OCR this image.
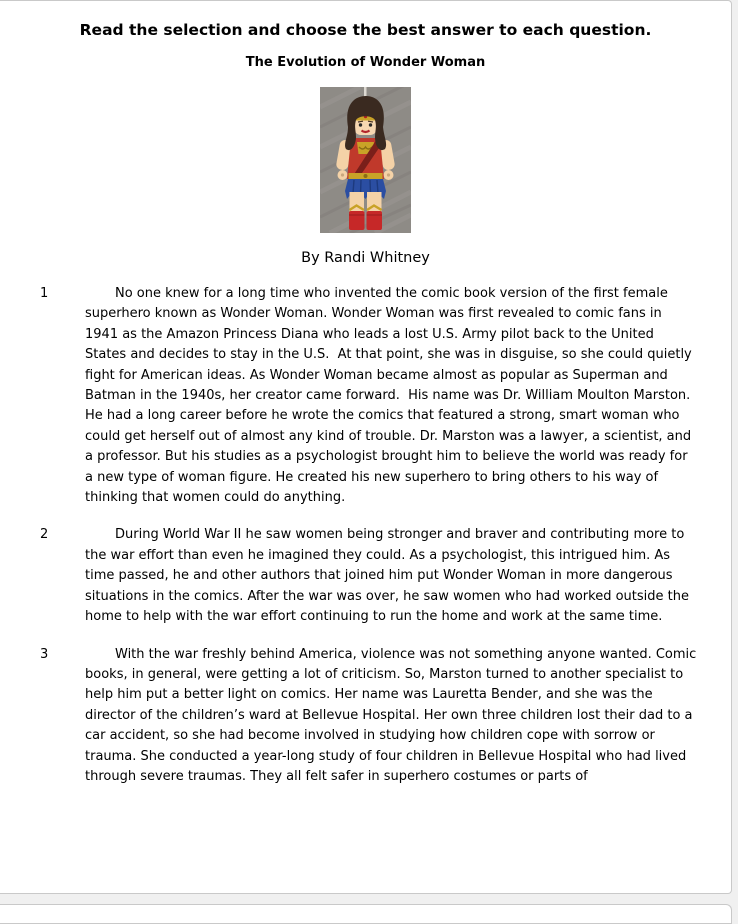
Read the selection and choose the best answer to each question.
The Evolution of Wonder Woman
By Randi Whitney
1	No one knew for a long time who invented the comic book version of the first female superhero known as Wonder Woman. Wonder Woman was first revealed to comic fans in 1941 as the Amazon Princess Diana who leads a lost U.S. Army pilot back to the United States and decides to stay in the U.S.  At that point, she was in disguise, so she could quietly fight for American ideas. As Wonder Woman became almost as popular as Superman and Batman in the 1940s, her creator came forward.  His name was Dr. William Moulton Marston. He had a long career before he wrote the comics that featured a strong, smart woman who could get herself out of almost any kind of trouble. Dr. Marston was a lawyer, a scientist, and a professor. But his studies as a psychologist brought him to believe the world was ready for a new type of woman figure. He created his new superhero to bring others to his way of thinking that women could do anything.
2	During World War II he saw women being stronger and braver and contributing more to the war effort than even he imagined they could. As a psychologist, this intrigued him. As time passed, he and other authors that joined him put Wonder Woman in more dangerous situations in the comics. After the war was over, he saw women who had worked outside the home to help with the war effort continuing to run the home and work at the same time.
3	With the war freshly behind America, violence was not something anyone wanted. Comic books, in general, were getting a lot of criticism. So, Marston turned to another specialist to help him put a better light on comics. Her name was Lauretta Bender, and she was the director of the children’s ward at Bellevue Hospital. Her own three children lost their dad to a car accident, so she had become involved in studying how children cope with sorrow or trauma. She conducted a year-long study of four children in Bellevue Hospital who had lived through severe traumas. They all felt safer in superhero costumes or parts of
